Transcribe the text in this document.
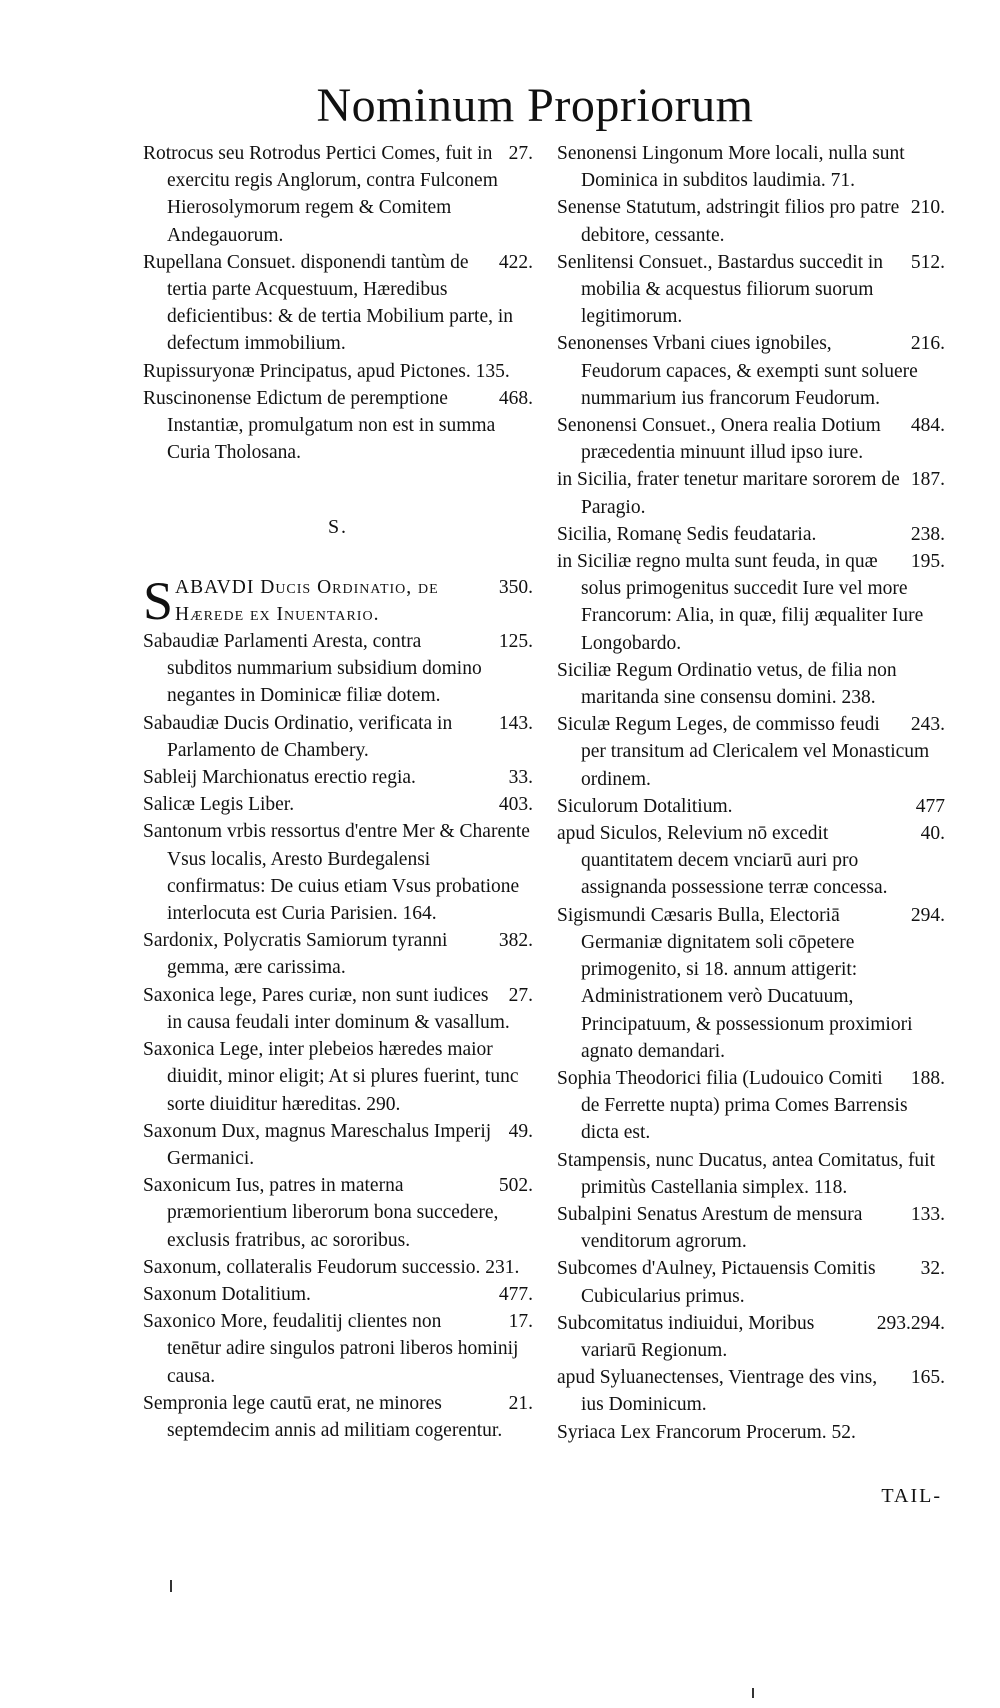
Nominum Propriorum

27.
Rotrocus seu Rotrodus Pertici Comes, fuit in exercitu regis Anglorum, contra Fulconem Hierosolymorum regem & Comitem Andegauorum.

422.
Rupellana Consuet. disponendi tantùm de tertia parte Acquestuum, Hæredibus deficientibus: & de tertia Mobilium parte, in defectum immobilium.

Rupissuryonæ Principatus, apud Pictones. 135.

468.
Ruscinonense Edictum de peremptione Instantiæ, promulgatum non est in summa Curia Tholosana.

S.

S	350.
ABAVDI Ducis Ordinatio, de Hærede ex Inuentario.

125.
Sabaudiæ Parlamenti Aresta, contra subditos nummarium subsidium domino negantes in Dominicæ filiæ dotem.

143.
Sabaudiæ Ducis Ordinatio, verificata in Parlamento de Chambery.

33.
Sableij Marchionatus erectio regia.

403.
Salicæ Legis Liber.

Santonum vrbis ressortus d'entre Mer & Charente Vsus localis, Aresto Burdegalensi confirmatus: De cuius etiam Vsus probatione interlocuta est Curia Parisien. 164.

382.
Sardonix, Polycratis Samiorum tyranni gemma, ære carissima.

27.
Saxonica lege, Pares curiæ, non sunt iudices in causa feudali inter dominum & vasallum.

Saxonica Lege, inter plebeios hæredes maior diuidit, minor eligit; At si plures fuerint, tunc sorte diuiditur hæreditas. 290.

49.
Saxonum Dux, magnus Mareschalus Imperij Germanici.

502.
Saxonicum Ius, patres in materna præmorientium liberorum bona succedere, exclusis fratribus, ac sororibus.

Saxonum, collateralis Feudorum successio. 231.

477.
Saxonum Dotalitium.

17.
Saxonico More, feudalitij clientes non tenētur adire singulos patroni liberos hominij causa.

21.
Sempronia lege cautū erat, ne minores septemdecim annis ad militiam cogerentur.

Senonensi Lingonum More locali, nulla sunt Dominica in subditos laudimia. 71.

210.
Senense Statutum, adstringit filios pro patre debitore, cessante.

512.
Senlitensi Consuet., Bastardus succedit in mobilia & acquestus filiorum suorum legitimorum.

216.
Senonenses Vrbani ciues ignobiles, Feudorum capaces, & exempti sunt soluere nummarium ius francorum Feudorum.

484.
Senonensi Consuet., Onera realia Dotium præcedentia minuunt illud ipso iure.

187.
in Sicilia, frater tenetur maritare sororem de Paragio.

238.
Sicilia, Romanę Sedis feudataria.

195.
in Siciliæ regno multa sunt feuda, in quæ solus primogenitus succedit Iure vel more Francorum: Alia, in quæ, filij æqualiter Iure Longobardo.

Siciliæ Regum Ordinatio vetus, de filia non maritanda sine consensu domini. 238.

243.
Siculæ Regum Leges, de commisso feudi per transitum ad Clericalem vel Monasticum ordinem.

477
Siculorum Dotalitium.

40.
apud Siculos, Relevium nō excedit quantitatem decem vnciarū auri pro assignanda possessione terræ concessa.

294.
Sigismundi Cæsaris Bulla, Electoriā Germaniæ dignitatem soli cōpetere primogenito, si 18. annum attigerit: Administrationem verò Ducatuum, Principatuum, & possessionum proximiori agnato demandari.

188.
Sophia Theodorici filia (Ludouico Comiti de Ferrette nupta) prima Comes Barrensis dicta est.

Stampensis, nunc Ducatus, antea Comitatus, fuit primitùs Castellania simplex. 118.

133.
Subalpini Senatus Arestum de mensura venditorum agrorum.

32.
Subcomes d'Aulney, Pictauensis Comitis Cubicularius primus.

293.294.
Subcomitatus indiuidui, Moribus variarū Regionum.

165.
apud Syluanectenses, Vientrage des vins, ius Dominicum.

Syriaca Lex Francorum Procerum. 52.

TAIL-
